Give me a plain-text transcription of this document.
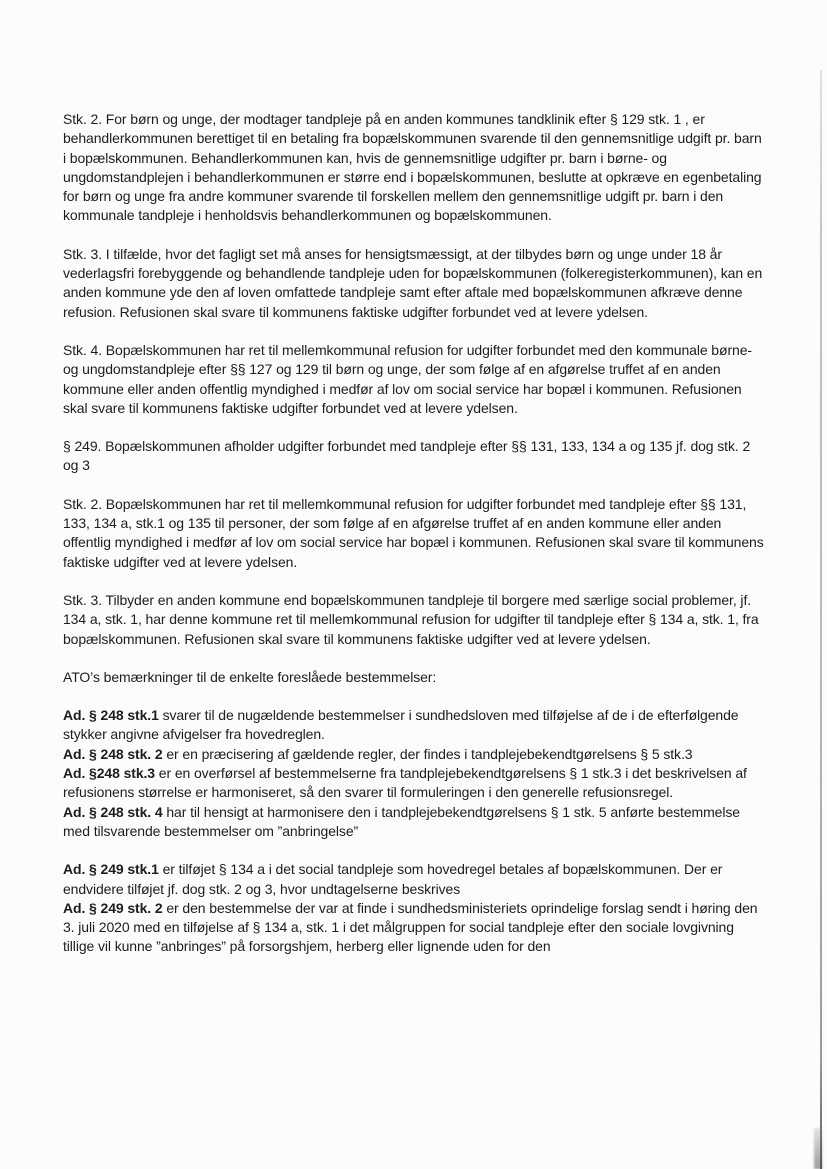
Stk. 2. For børn og unge, der modtager tandpleje på en anden kommunes tandklinik efter § 129 stk. 1 , er behandlerkommunen berettiget til en betaling fra bopælskommunen svarende til den gennemsnitlige udgift pr. barn i bopælskommunen. Behandlerkommunen kan, hvis de gennemsnitlige udgifter pr. barn i børne- og ungdomstandplejen i behandlerkommunen er større end i bopælskommunen, beslutte at opkræve en egenbetaling for børn og unge fra andre kommuner svarende til forskellen mellem den gennemsnitlige udgift pr. barn i den kommunale tandpleje i henholdsvis behandlerkommunen og bopælskommunen.

Stk. 3. I tilfælde, hvor det fagligt set må anses for hensigtsmæssigt, at der tilbydes børn og unge under 18 år vederlagsfri forebyggende og behandlende tandpleje uden for bopælskommunen (folkeregisterkommunen), kan en anden kommune yde den af loven omfattede tandpleje samt efter aftale med bopælskommunen afkræve denne refusion. Refusionen skal svare til kommunens faktiske udgifter forbundet ved at levere ydelsen.

Stk. 4. Bopælskommunen har ret til mellemkommunal refusion for udgifter forbundet med den kommunale børne- og ungdomstandpleje efter §§ 127 og 129 til børn og unge, der som følge af en afgørelse truffet af en anden kommune eller anden offentlig myndighed i medfør af lov om social service har bopæl i kommunen. Refusionen skal svare til kommunens faktiske udgifter forbundet ved at levere ydelsen.

§ 249. Bopælskommunen afholder udgifter forbundet med tandpleje efter §§ 131, 133, 134 a og 135 jf. dog stk. 2 og 3

Stk. 2. Bopælskommunen har ret til mellemkommunal refusion for udgifter forbundet med tandpleje efter §§ 131, 133, 134 a, stk.1 og 135 til personer, der som følge af en afgørelse truffet af en anden kommune eller anden offentlig myndighed i medfør af lov om social service har bopæl i kommunen. Refusionen skal svare til kommunens faktiske udgifter ved at levere ydelsen.

Stk. 3. Tilbyder en anden kommune end bopælskommunen tandpleje til borgere med særlige social problemer, jf. 134 a, stk. 1, har denne kommune ret til mellemkommunal refusion for udgifter til tandpleje efter § 134 a, stk. 1, fra bopælskommunen. Refusionen skal svare til kommunens faktiske udgifter ved at levere ydelsen.

ATO’s bemærkninger til de enkelte foreslåede bestemmelser:

Ad. § 248 stk.1 svarer til de nugældende bestemmelser i sundhedsloven med tilføjelse af de i de efterfølgende stykker angivne afvigelser fra hovedreglen.
Ad. § 248 stk. 2 er en præcisering af gældende regler, der findes i tandplejebekendtgørelsens § 5 stk.3
Ad. §248 stk.3 er en overførsel af bestemmelserne fra tandplejebekendtgørelsens § 1 stk.3 i det beskrivelsen af refusionens størrelse er harmoniseret, så den svarer til formuleringen i den generelle refusionsregel.
Ad. § 248 stk. 4 har til hensigt at harmonisere den i tandplejebekendtgørelsens § 1 stk. 5 anførte bestemmelse med tilsvarende bestemmelser om ”anbringelse”

Ad. § 249 stk.1 er tilføjet § 134 a i det social tandpleje som hovedregel betales af bopælskommunen. Der er endvidere tilføjet jf. dog stk. 2 og 3, hvor undtagelserne beskrives
Ad. § 249 stk. 2 er den bestemmelse der var at finde i sundhedsministeriets oprindelige forslag sendt i høring den 3. juli 2020 med en tilføjelse af § 134 a, stk. 1 i det målgruppen for social tandpleje efter den sociale lovgivning tillige vil kunne ”anbringes” på forsorgshjem, herberg eller lignende uden for den
